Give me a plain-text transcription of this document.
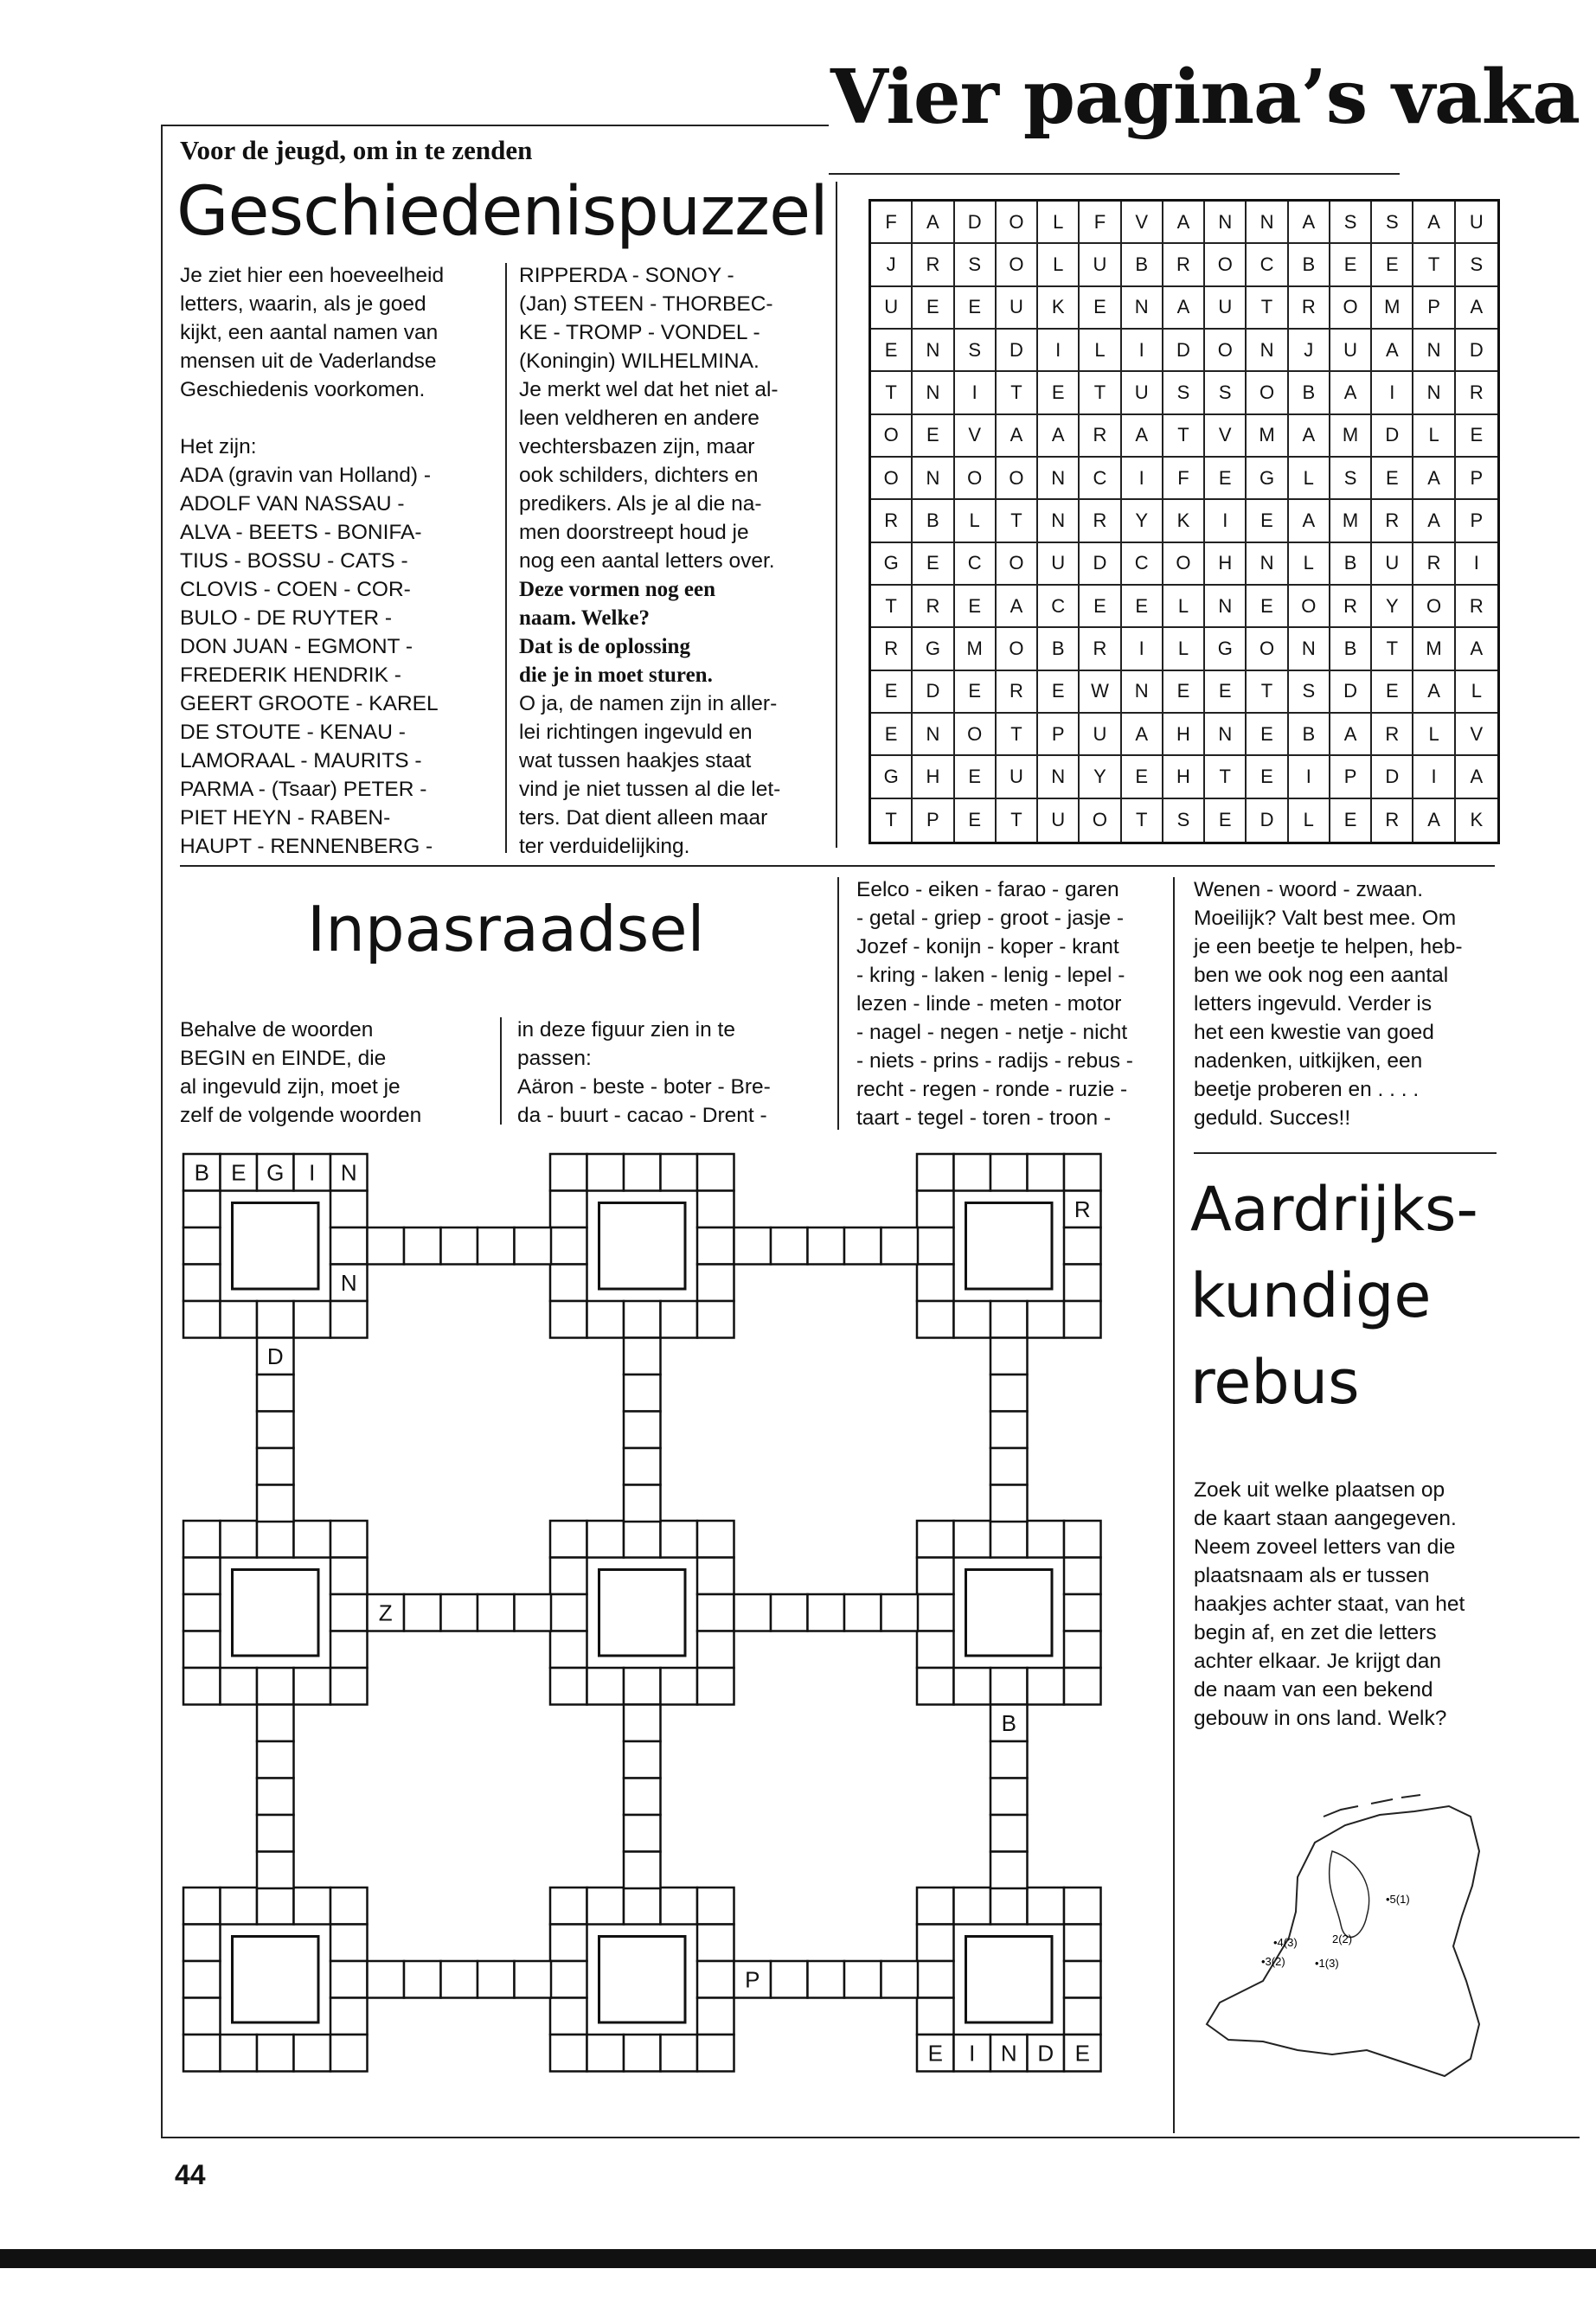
Vier pagina’s vaka
Voor de jeugd, om in te zenden
Geschiedenispuzzel

Je ziet hier een hoeveelheid

letters, waarin, als je goed

kijkt, een aantal namen van

mensen uit de Vaderlandse

Geschiedenis voorkomen.

Het zijn:

ADA (gravin van Holland) -

ADOLF VAN NASSAU -

ALVA - BEETS - BONIFA-

TIUS - BOSSU - CATS -

CLOVIS - COEN - COR-

BULO - DE RUYTER -

DON JUAN - EGMONT -

FREDERIK HENDRIK -

GEERT GROOTE - KAREL

DE STOUTE - KENAU -

LAMORAAL - MAURITS -

PARMA - (Tsaar) PETER -

PIET HEYN - RABEN-

HAUPT - RENNENBERG -

RIPPERDA - SONOY -

(Jan) STEEN - THORBEC-

KE - TROMP - VONDEL -

(Koningin) WILHELMINA.

Je merkt wel dat het niet al-

leen veldheren en andere

vechtersbazen zijn, maar

ook schilders, dichters en

predikers. Als je al die na-

men doorstreept houd je

nog een aantal letters over.

Deze vormen nog een

naam. Welke?

Dat is de oplossing

die je in moet sturen.

O ja, de namen zijn in aller-

lei richtingen ingevuld en

wat tussen haakjes staat

vind je niet tussen al die let-

ters. Dat dient alleen maar

ter verduidelijking.

F	A	D	O	L	F	V	A	N	N	A	S	S	A	U
J	R	S	O	L	U	B	R	O	C	B	E	E	T	S
U	E	E	U	K	E	N	A	U	T	R	O	M	P	A
E	N	S	D	I	L	I	D	O	N	J	U	A	N	D
T	N	I	T	E	T	U	S	S	O	B	A	I	N	R
O	E	V	A	A	R	A	T	V	M	A	M	D	L	E
O	N	O	O	N	C	I	F	E	G	L	S	E	A	P
R	B	L	T	N	R	Y	K	I	E	A	M	R	A	P
G	E	C	O	U	D	C	O	H	N	L	B	U	R	I
T	R	E	A	C	E	E	L	N	E	O	R	Y	O	R
R	G	M	O	B	R	I	L	G	O	N	B	T	M	A
E	D	E	R	E	W	N	E	E	T	S	D	E	A	L
E	N	O	T	P	U	A	H	N	E	B	A	R	L	V
G	H	E	U	N	Y	E	H	T	E	I	P	D	I	A
T	P	E	T	U	O	T	S	E	D	L	E	R	A	K
Inpasraadsel

Behalve de woorden

BEGIN en EINDE, die

al ingevuld zijn, moet je

zelf de volgende woorden

in deze figuur zien in te

passen:

Aäron - beste - boter - Bre-

da - buurt - cacao - Drent -

Eelco - eiken - farao - garen

- getal - griep - groot - jasje -

Jozef - konijn - koper - krant

- kring - laken - lenig - lepel -

lezen - linde - meten - motor

- nagel - negen - netje - nicht

- niets - prins - radijs - rebus -

recht - regen - ronde - ruzie -

taart - tegel - toren - troon -

Wenen - woord - zwaan.

Moeilijk? Valt best mee. Om

je een beetje te helpen, heb-

ben we ook nog een aantal

letters ingevuld. Verder is

het een kwestie van goed

nadenken, uitkijken, een

beetje proberen en . . . .

geduld. Succes!!

B E G I N
N
R
E I N D E
Z
P
D
B
Aardrijks-
kundige
rebus

Zoek uit welke plaatsen op

de kaart staan aangegeven.

Neem zoveel letters van die

plaatsnaam als er tussen

haakjes achter staat, van het

begin af, en zet die letters

achter elkaar. Je krijgt dan

de naam van een bekend

gebouw in ons land. Welk?

•5(1)
•4(3)
•3(2)	•1(3)
2(2)
44
